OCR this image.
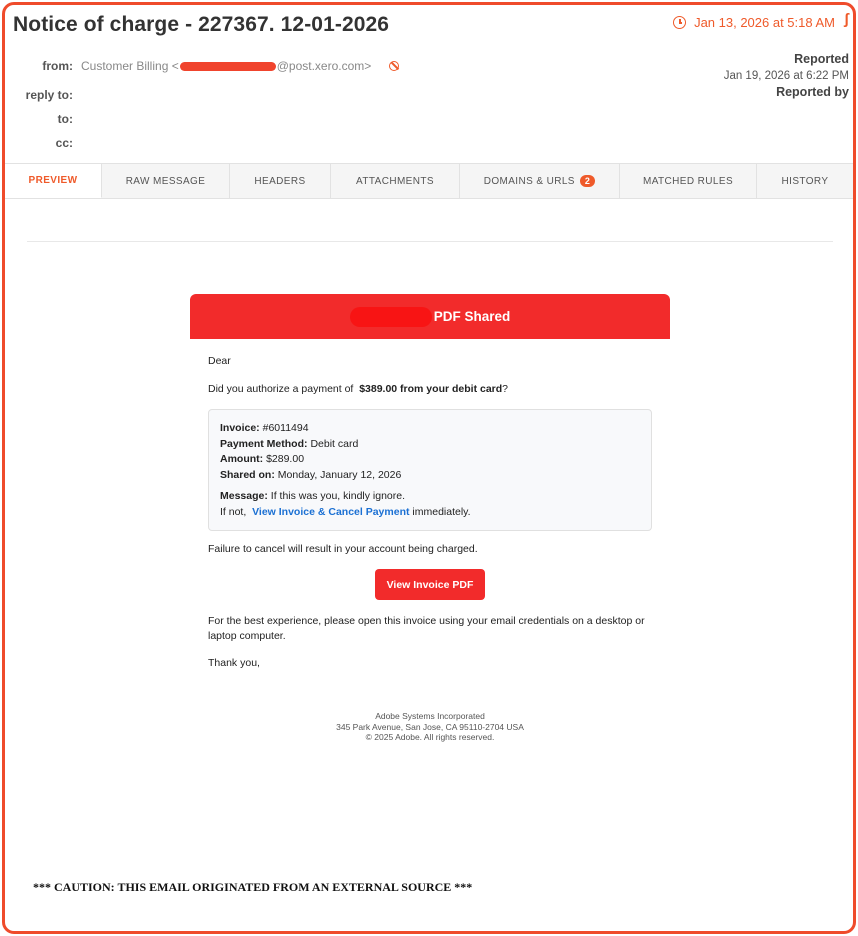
Notice of charge - 227367. 12-01-2026	Jan 13, 2026 at 5:18 AM ʃ
from: Customer Billing
<	@post.xero.com>
reply to:
to:
cc:
Reported
Jan 19, 2026 at 6:22 PM
Reported by
PREVIEW	RAW MESSAGE	HEADERS	ATTACHMENTS	DOMAINS & URLS	2	MATCHED RULES	HISTORY
PDF Shared

Dear

Did you authorize a payment of $389.00 from your debit card?

Invoice: #6011494
Payment Method: Debit card
Amount: $289.00
Shared on: Monday, January 12, 2026
Message: If this was you, kindly ignore.
If not, View Invoice & Cancel Payment immediately.

Failure to cancel will result in your account being charged.

View Invoice PDF

For the best experience, please open this invoice using your email credentials on a desktop or laptop computer.

Thank you,

Adobe Systems Incorporated
345 Park Avenue, San Jose, CA 95110-2704 USA
© 2025 Adobe. All rights reserved.
*** CAUTION: THIS EMAIL ORIGINATED FROM AN EXTERNAL SOURCE ***
